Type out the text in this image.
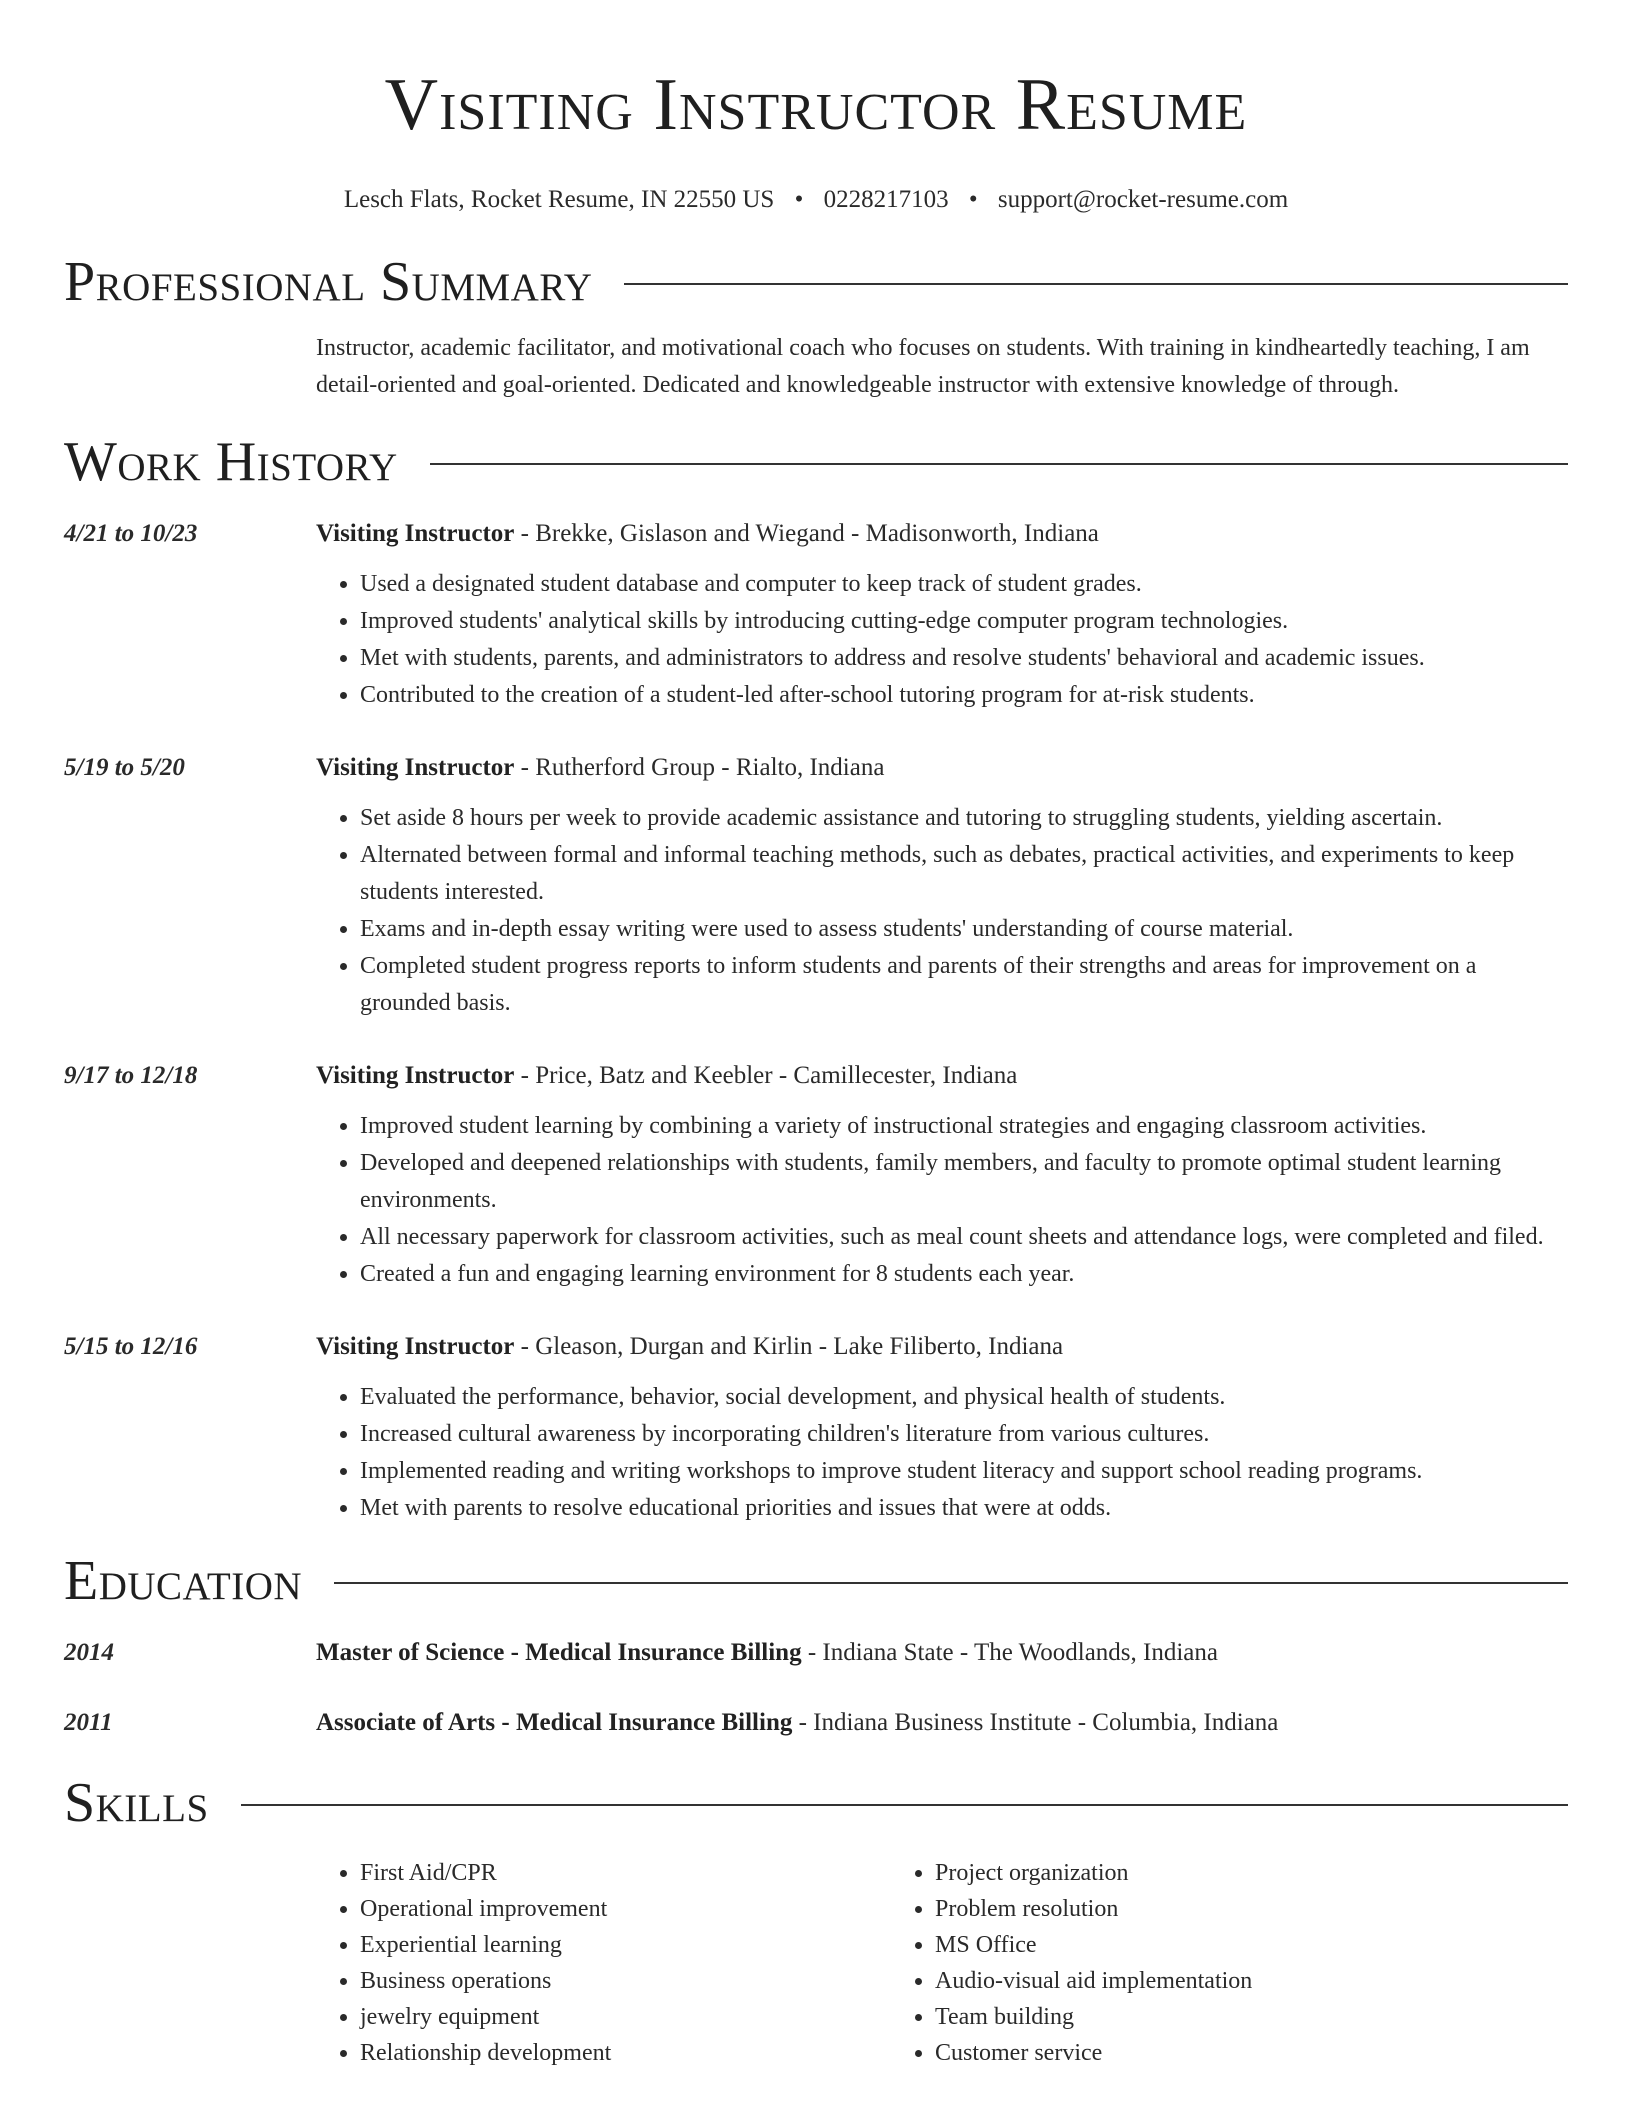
Visiting Instructor Resume
Lesch Flats, Rocket Resume, IN 22550 US • 0228217103 • support@rocket-resume.com
Professional Summary
Instructor, academic facilitator, and motivational coach who focuses on students. With training in kindheartedly teaching, I am detail-oriented and goal-oriented. Dedicated and knowledgeable instructor with extensive knowledge of through.
Work History
4/21 to 10/23	Visiting Instructor - Brekke, Gislason and Wiegand - Madisonworth, Indiana
• Used a designated student database and computer to keep track of student grades.
• Improved students' analytical skills by introducing cutting-edge computer program technologies.
• Met with students, parents, and administrators to address and resolve students' behavioral and academic issues.
• Contributed to the creation of a student-led after-school tutoring program for at-risk students.
5/19 to 5/20	Visiting Instructor - Rutherford Group - Rialto, Indiana
• Set aside 8 hours per week to provide academic assistance and tutoring to struggling students, yielding ascertain.
• Alternated between formal and informal teaching methods, such as debates, practical activities, and experiments to keep students interested.
• Exams and in-depth essay writing were used to assess students' understanding of course material.
• Completed student progress reports to inform students and parents of their strengths and areas for improvement on a grounded basis.
9/17 to 12/18	Visiting Instructor - Price, Batz and Keebler - Camillecester, Indiana
• Improved student learning by combining a variety of instructional strategies and engaging classroom activities.
• Developed and deepened relationships with students, family members, and faculty to promote optimal student learning environments.
• All necessary paperwork for classroom activities, such as meal count sheets and attendance logs, were completed and filed.
• Created a fun and engaging learning environment for 8 students each year.
5/15 to 12/16	Visiting Instructor - Gleason, Durgan and Kirlin - Lake Filiberto, Indiana
• Evaluated the performance, behavior, social development, and physical health of students.
• Increased cultural awareness by incorporating children's literature from various cultures.
• Implemented reading and writing workshops to improve student literacy and support school reading programs.
• Met with parents to resolve educational priorities and issues that were at odds.
Education
2014	Master of Science - Medical Insurance Billing - Indiana State - The Woodlands, Indiana
2011	Associate of Arts - Medical Insurance Billing - Indiana Business Institute - Columbia, Indiana
Skills
• First Aid/CPR
• Operational improvement
• Experiential learning
• Business operations
• jewelry equipment
• Relationship development
• Project organization
• Problem resolution
• MS Office
• Audio-visual aid implementation
• Team building
• Customer service
